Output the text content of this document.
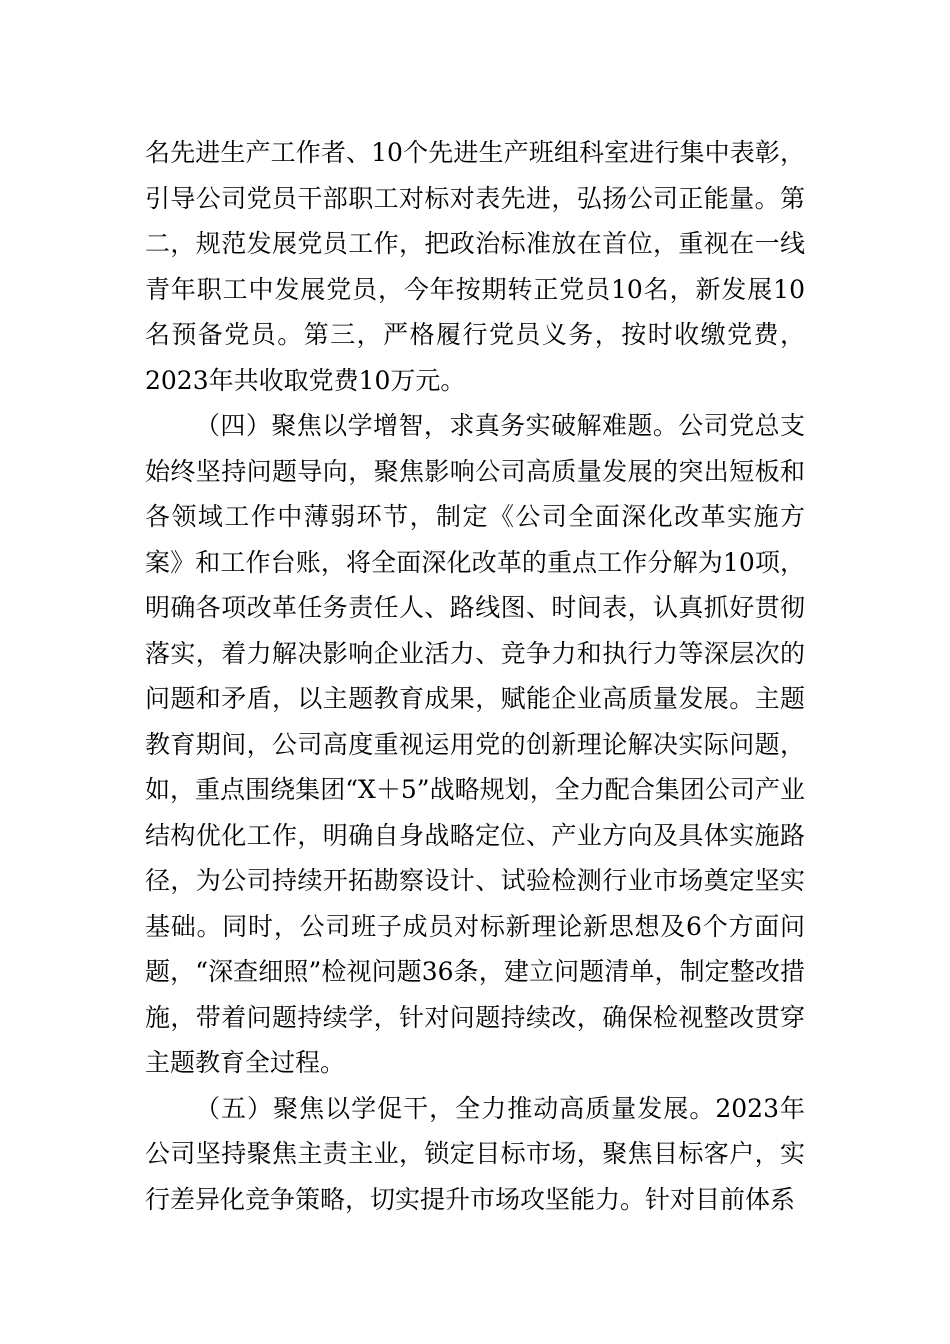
名先进生产工作者、10个先进生产班组科室进行集中表彰，引导公司党员干部职工对标对表先进，弘扬公司正能量。第二，规范发展党员工作，把政治标准放在首位，重视在一线青年职工中发展党员，今年按期转正党员10名，新发展10名预备党员。第三，严格履行党员义务，按时收缴党费，2023年共收取党费10万元。

（四）聚焦以学增智，求真务实破解难题。公司党总支始终坚持问题导向，聚焦影响公司高质量发展的突出短板和各领域工作中薄弱环节，制定《公司全面深化改革实施方案》和工作台账，将全面深化改革的重点工作分解为10项，明确各项改革任务责任人、路线图、时间表，认真抓好贯彻落实，着力解决影响企业活力、竞争力和执行力等深层次的问题和矛盾，以主题教育成果，赋能企业高质量发展。主题教育期间，公司高度重视运用党的创新理论解决实际问题，如，重点围绕集团“X＋5”战略规划，全力配合集团公司产业结构优化工作，明确自身战略定位、产业方向及具体实施路径，为公司持续开拓勘察设计、试验检测行业市场奠定坚实基础。同时，公司班子成员对标新理论新思想及6个方面问题，“深查细照”检视问题36条，建立问题清单，制定整改措施，带着问题持续学，针对问题持续改，确保检视整改贯穿主题教育全过程。

（五）聚焦以学促干，全力推动高质量发展。2023年公司坚持聚焦主责主业，锁定目标市场，聚焦目标客户，实行差异化竞争策略，切实提升市场攻坚能力。针对目前体系
